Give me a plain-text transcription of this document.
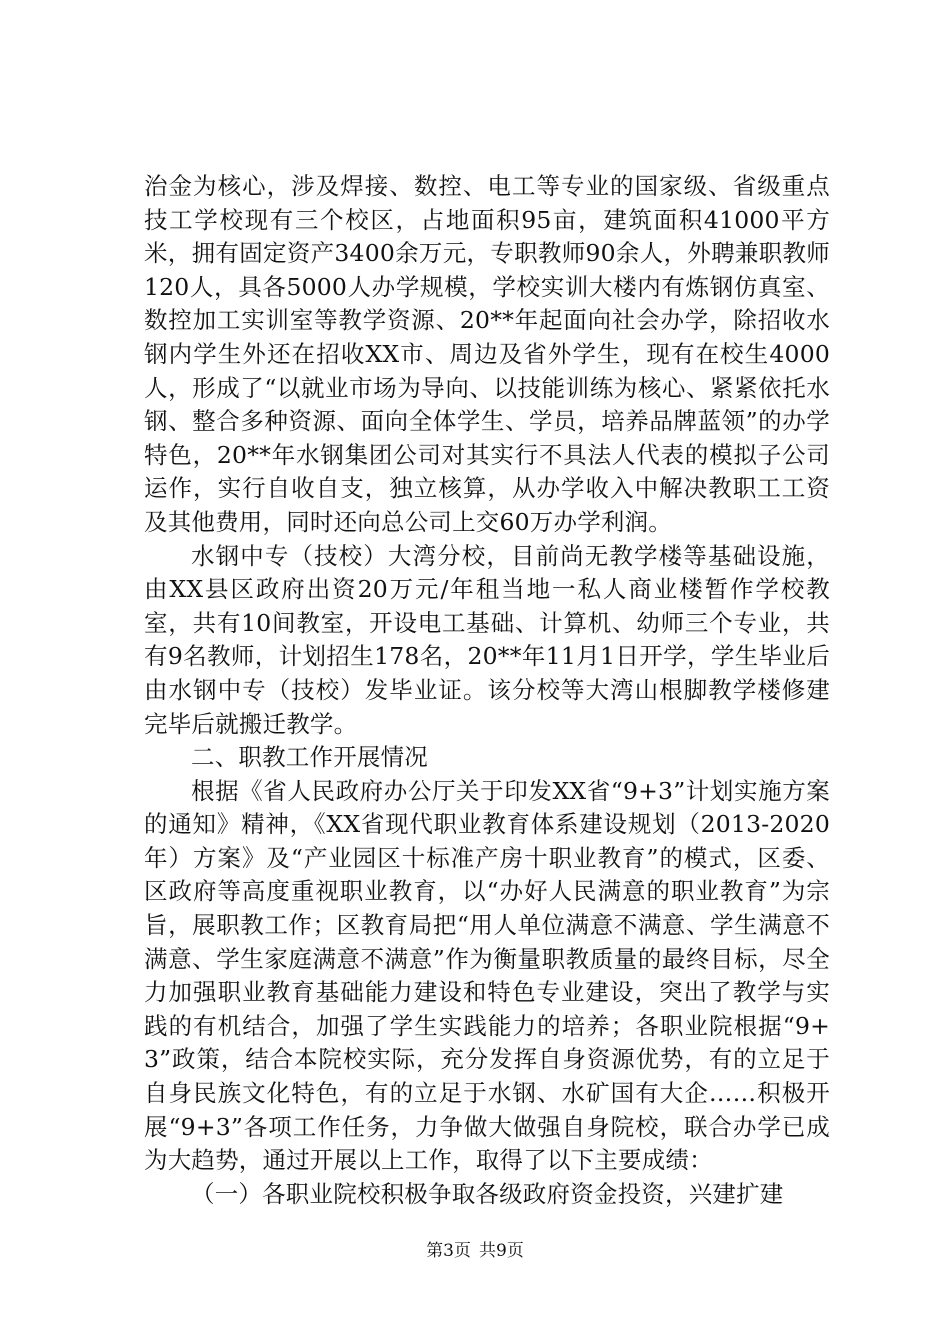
治金为核心，涉及焊接、数控、电工等专业的国家级、省级重点技工学校现有三个校区，占地面积95亩，建筑面积41000平方米，拥有固定资产3400余万元，专职教师90余人，外聘兼职教师120人，具各5000人办学规模，学校实训大楼内有炼钢仿真室、数控加工实训室等教学资源、20**年起面向社会办学，除招收水钢内学生外还在招收XX市、周边及省外学生，现有在校生4000人，形成了“以就业市场为导向、以技能训练为核心、紧紧依托水钢、整合多种资源、面向全体学生、学员，培养品牌蓝领”的办学特色，20**年水钢集团公司对其实行不具法人代表的模拟子公司运作，实行自收自支，独立核算，从办学收入中解决教职工工资及其他费用，同时还向总公司上交60万办学利润。

水钢中专（技校）大湾分校，目前尚无教学楼等基础设施，由XX县区政府出资20万元/年租当地一私人商业楼暂作学校教室，共有10间教室，开设电工基础、计算机、幼师三个专业，共有9名教师，计划招生178名，20**年11月1日开学，学生毕业后由水钢中专（技校）发毕业证。该分校等大湾山根脚教学楼修建完毕后就搬迁教学。

二、职教工作开展情况

根据《省人民政府办公厅关于印发XX省“9+3”计划实施方案的通知》精神，《XX省现代职业教育体系建设规划（2013-2020年）方案》及“产业园区十标准产房十职业教育”的模式，区委、区政府等高度重视职业教育，以“办好人民满意的职业教育”为宗旨，展职教工作；区教育局把“用人单位满意不满意、学生满意不满意、学生家庭满意不满意”作为衡量职教质量的最终目标，尽全力加强职业教育基础能力建设和特色专业建设，突出了教学与实践的有机结合，加强了学生实践能力的培养；各职业院根据“9+3”政策，结合本院校实际，充分发挥自身资源优势，有的立足于自身民族文化特色，有的立足于水钢、水矿国有大企……积极开展“9+3”各项工作任务，力争做大做强自身院校，联合办学已成为大趋势，通过开展以上工作，取得了以下主要成绩：

（一）各职业院校积极争取各级政府资金投资，兴建扩建

第3页 共9页
